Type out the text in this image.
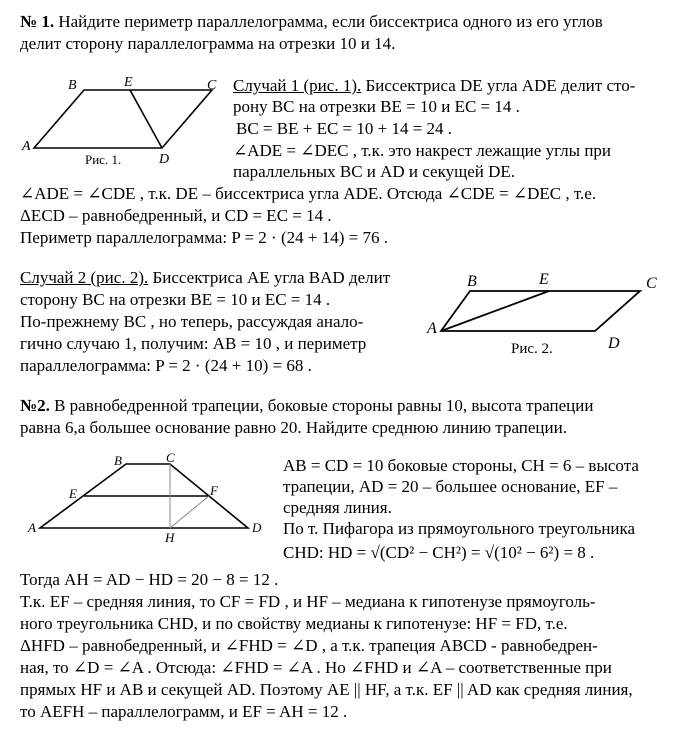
№ 1. Найдите периметр параллелограмма, если биссектриса одного из его углов
делит сторону параллелограмма на отрезки 10 и 14.
B	E	C
A
D
Рис. 1.
Случай 1 (рис. 1). Биссектриса DE угла ADE делит сто-
рону BC на отрезки BE = 10 и EC = 14 .
BC = BE + EC = 10 + 14 = 24 .
∠ADE = ∠DEC , т.к. это накрест лежащие углы при
параллельных BC и AD и секущей DE.
∠ADE = ∠CDE , т.к. DE – биссектриса угла ADE. Отсюда ∠CDE = ∠DEC , т.е.
ΔECD – равнобедренный, и CD = EC = 14 .
Периметр параллелограмма: P = 2 · (24 + 14) = 76 .
Случай 2 (рис. 2). Биссектриса AE угла BAD делит
сторону BC на отрезки BE = 10 и EC = 14 .
По-прежнему BC , но теперь, рассуждая анало-
гично случаю 1, получим: AB = 10 , и периметр
параллелограмма: P = 2 · (24 + 10) = 68 .
B	E	C
A
D
Рис. 2.
№2. В равнобедренной трапеции, боковые стороны равны 10, высота трапеции
равна 6,а большее основание равно 20. Найдите среднюю линию трапеции.
B	C
E	F
A	D
H
AB = CD = 10 боковые стороны, CH = 6 – высота
трапеции, AD = 20 – большее основание, EF –
средняя линия.
По т. Пифагора из прямоугольного треугольника
CHD: HD = √(CD² − CH²) = √(10² − 6²) = 8 .
Тогда AH = AD − HD = 20 − 8 = 12 .
Т.к. EF – средняя линия, то CF = FD , и HF – медиана к гипотенузе прямоуголь-
ного треугольника CHD, и по свойству медианы к гипотенузе: HF = FD, т.е.
ΔHFD – равнобедренный, и ∠FHD = ∠D , а т.к. трапеция ABCD - равнобедрен-
ная, то ∠D = ∠A . Отсюда: ∠FHD = ∠A . Но ∠FHD и ∠A – соответственные при
прямых HF и AB и секущей AD. Поэтому AE || HF, а т.к. EF || AD как средняя линия,
то AEFH – параллелограмм, и EF = AH = 12 .
